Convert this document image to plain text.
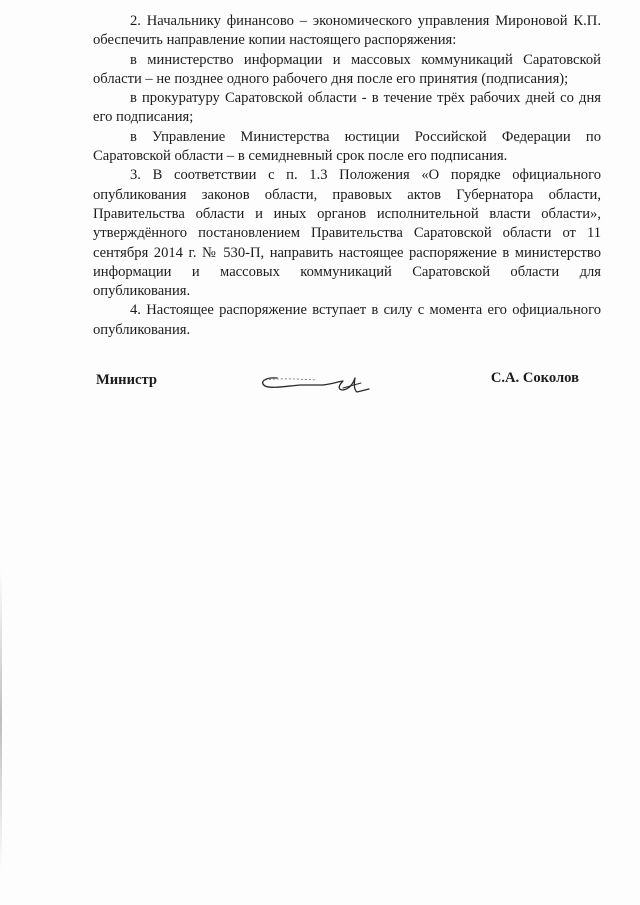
2. Начальнику финансово – экономического управления Мироновой К.П. обеспечить направление копии настоящего распоряжения:

в министерство информации и массовых коммуникаций Саратовской области – не позднее одного рабочего дня после его принятия (подписания);

в прокуратуру Саратовской области - в течение трёх рабочих дней со дня его подписания;

в Управление Министерства юстиции Российской Федерации по Саратовской области – в семидневный срок после его подписания.

3. В соответствии с п. 1.3 Положения «О порядке официального опубликования законов области, правовых актов Губернатора области, Правительства области и иных органов исполнительной власти области», утверждённого постановлением Правительства Саратовской области от 11 сентября 2014 г. № 530-П, направить настоящее распоряжение в министерство информации и массовых коммуникаций Саратовской области для опубликования.

4. Настоящее распоряжение вступает в силу с момента его официального опубликования.

Министр	С.А. Соколов
